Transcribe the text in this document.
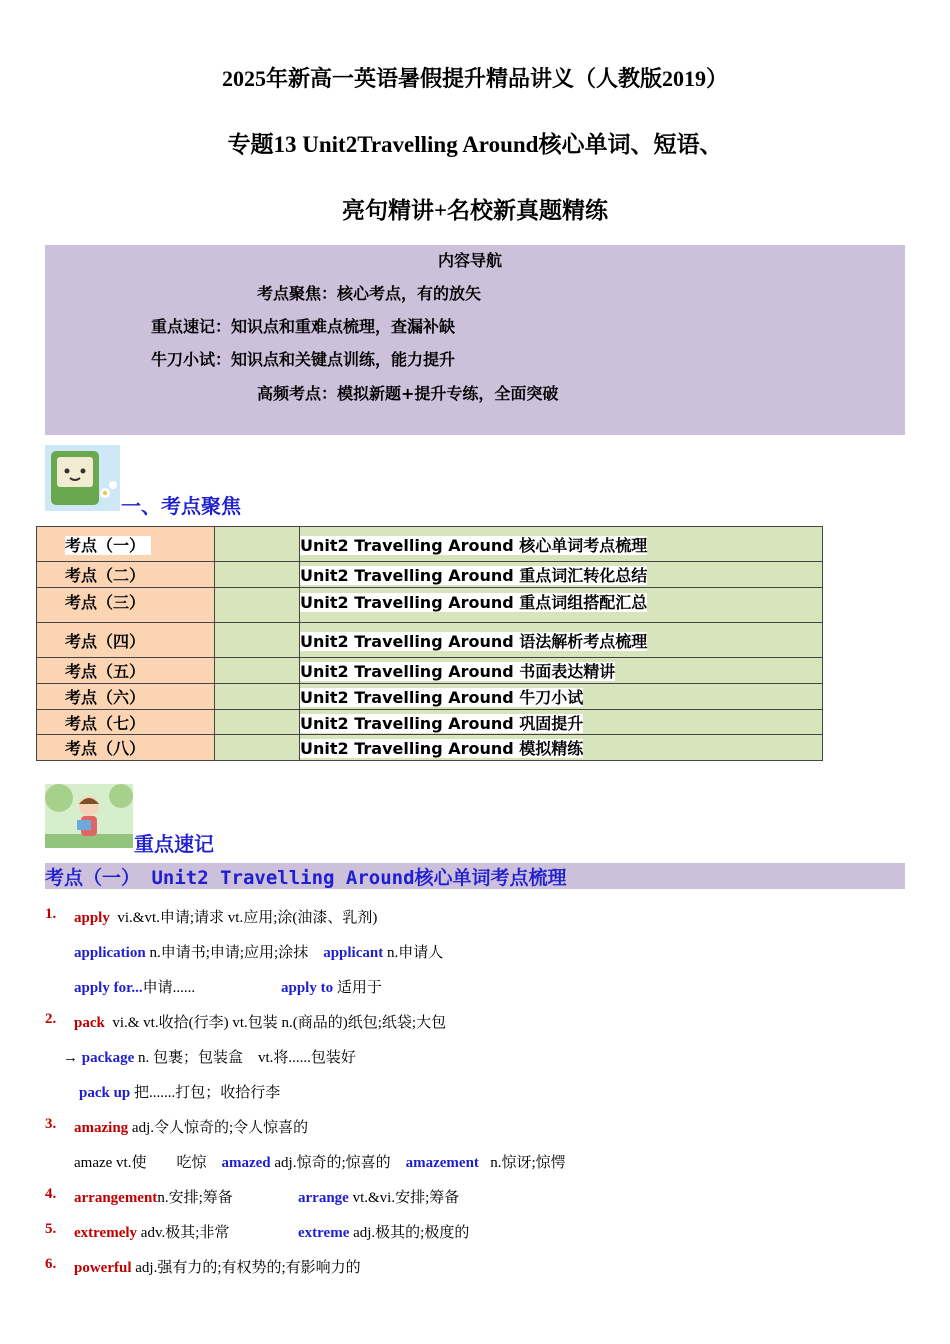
2025年新高一英语暑假提升精品讲义（人教版2019）
专题13 Unit2Travelling Around核心单词、短语、
亮句精讲+名校新真题精练
内容导航
考点聚焦：核心考点，有的放矢
重点速记：知识点和重难点梳理，查漏补缺
牛刀小试：知识点和关键点训练，能力提升
高频考点：模拟新题+提升专练，全面突破
一、考点聚焦
考点（一）		Unit2 Travelling Around 核心单词考点梳理
考点（二）		Unit2 Travelling Around 重点词汇转化总结
考点（三）		Unit2 Travelling Around 重点词组搭配汇总
考点（四）		Unit2 Travelling Around 语法解析考点梳理
考点（五）		Unit2 Travelling Around 书面表达精讲
考点（六）		Unit2 Travelling Around 牛刀小试
考点（七）		Unit2 Travelling Around 巩固提升
考点（八）		Unit2 Travelling Around 模拟精练
重点速记
考点（一） Unit2 Travelling Around核心单词考点梳理
1. apply vi.&vt.申请;请求 vt.应用;涂(油漆、乳剂)
application n.申请书;申请;应用;涂抹 applicant n.申请人
apply for...申请......	apply to 适用于
2. pack vi.& vt.收拾(行李) vt.包装 n.(商品的)纸包;纸袋;大包
→ package n. 包裹；包装盒　vt.将......包装好
pack up 把.......打包；收拾行李
3. amazing adj.令人惊奇的;令人惊喜的
amaze vt.使　　吃惊 amazed adj.惊奇的;惊喜的 amazement n.惊讶;惊愕
4. arrangementn.安排;筹备	arrange vt.&vi.安排;筹备
5. extremely adv.极其;非常	extreme adj.极其的;极度的
6. powerful adj.强有力的;有权势的;有影响力的
